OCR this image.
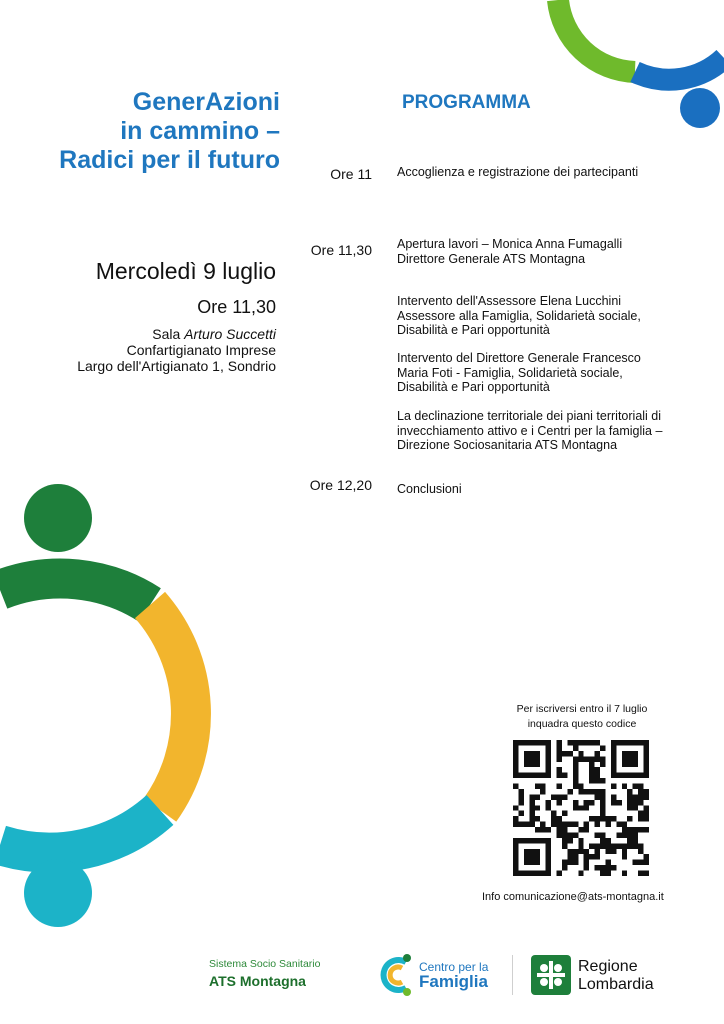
GenerAzioni
in cammino –
Radici per il futuro
PROGRAMMA
Mercoledì 9 luglio
Ore 11,30
Sala Arturo Succetti
Confartigianato Imprese
Largo dell'Artigianato 1, Sondrio
Ore 11 Accoglienza e registrazione dei partecipanti
Ore 11,30 Apertura lavori – Monica Anna Fumagalli
Direttore Generale ATS Montagna
Intervento dell'Assessore Elena Lucchini
Assessore alla Famiglia, Solidarietà sociale,
Disabilità e Pari opportunità
Intervento del Direttore Generale Francesco
Maria Foti - Famiglia, Solidarietà sociale,
Disabilità e Pari opportunità
La declinazione territoriale dei piani territoriali di
invecchiamento attivo e i Centri per la famiglia –
Direzione Sociosanitaria ATS Montagna
Ore 12,20 Conclusioni
Per iscriversi entro il 7 luglio
inquadra questo codice
Info comunicazione@ats-montagna.it
Sistema Socio Sanitario
ATS Montagna
Centro per la
Famiglia
Regione
Lombardia
